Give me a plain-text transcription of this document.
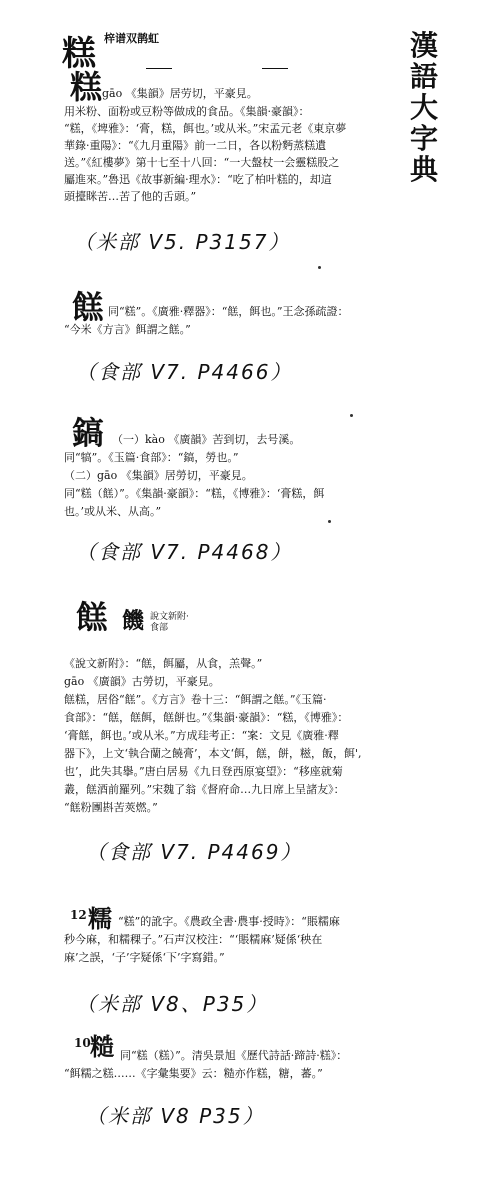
漢
語
大
字
典
糕 梓谱双鹊虹
糕 gāo 《集韻》居劳切，平豪見。
用米粉、面粉或豆粉等做成的食品。《集韻·豪韻》：
“糕，《埤雅》：‘膏，糕，餌也。’或从米。”宋孟元老《東京夢
華錄·重陽》：“《九月重陽》前一二日，各以粉麪蒸糕遺
送。”《紅樓夢》第十七至十八回：“一大盤杖一会靈糕股之
屬進來。”魯迅《故事新編·理水》：“吃了柏叶糕的，却這
頭擡眯苦…苦了他的舌頭。”
（米部 V5. P3157）
餻 同“糕”。《廣雅·釋器》：“餻，餌也。”王念孫疏證：
“今米《方言》餌謂之餻。”
（食部 V7. P4466）
鎬 （一）kào 《廣韻》苦到切，去号溪。
同“犒”。《玉篇·食部》：“鎬，勞也。”
（二）gāo 《集韻》居勞切，平豪見。
同“糕（餻）”。《集韻·豪韻》：“糕，《博雅》：‘膏糕，餌
也。’或从米、从高。”
（食部 V7. P4468）
餻 饑 說文新附·
食部
《說文新附》：“餻，餌屬，从食，羔聲。”
gāo 《廣韻》古勞切，平豪見。
餻糕，居俗“餻”。《方言》卷十三：“餌謂之餻。”《玉篇·
食部》：“餻，餻餌，餻餅也。”《集韻·豪韻》：“糕，《博雅》：
‘膏餻，餌也。’或从米。”方成珪考正：“案：文見《廣雅·釋
器下》，上文‘執合蘭之饒膏’，本文‘餌，餻，餅，糍，飯，餌',
也’，此失其擧。”唐白居易《九日登西原宴望》：“移座就菊
叢，餻酒前羅列。”宋魏了翁《督府命…九日席上呈諸友》：
“餻粉團斟苦莢燃。”
（食部 V7. P4469）
12 糯 “糕”的訛字。《農政全書·農事·授時》：“賬糯麻
秒今麻，和糯稞子。”石声汉校注：“‘賬糯麻’疑係‘秧在
麻’之誤，‘子’字疑係‘下’字寫錯。”
（米部 V8、P35）
10 糙 同“糕（糕）”。清吳景旭《歷代詩話·蹄詩·糕》：
“餌糯之糕……《字彙集要》云：糙亦作糕，糖，蕃。”
（米部 V8 P35）
